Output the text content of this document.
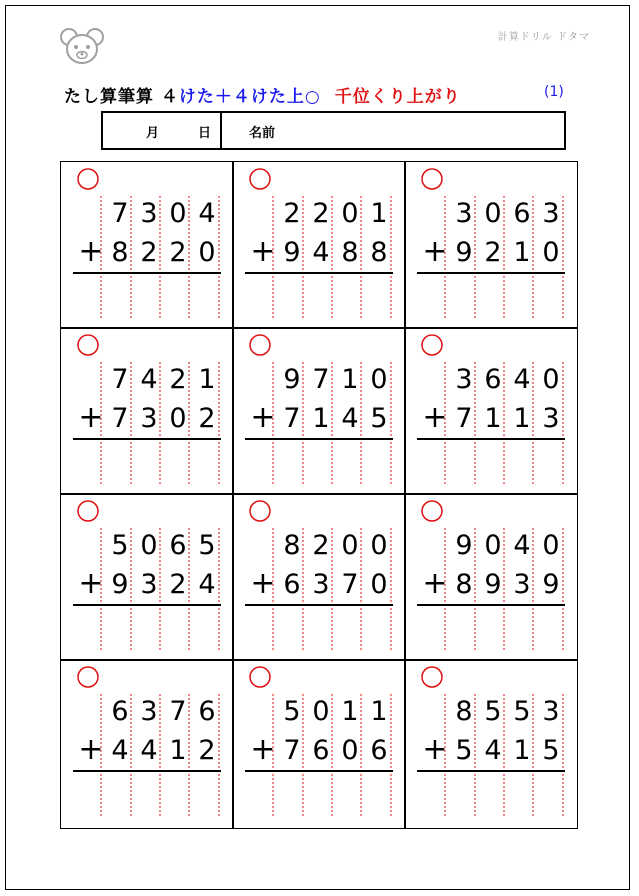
計算ドリル ドタマ
たし算筆算 ４けた＋４けた上○ 千位くり上がり	(1)
月	日	名前
+
7 3 0 4
8 2 2 0 +
2 2 0 1
9 4 8 8 +
3 0 6 3
9 2 1 0
+
7 4 2 1
7 3 0 2 +
9 7 1 0
7 1 4 5 +
3 6 4 0
7 1 1 3
+
5 0 6 5
9 3 2 4 +
8 2 0 0
6 3 7 0 +
9 0 4 0
8 9 3 9
+
6 3 7 6
4 4 1 2 +
5 0 1 1
7 6 0 6 +
8 5 5 3
5 4 1 5
